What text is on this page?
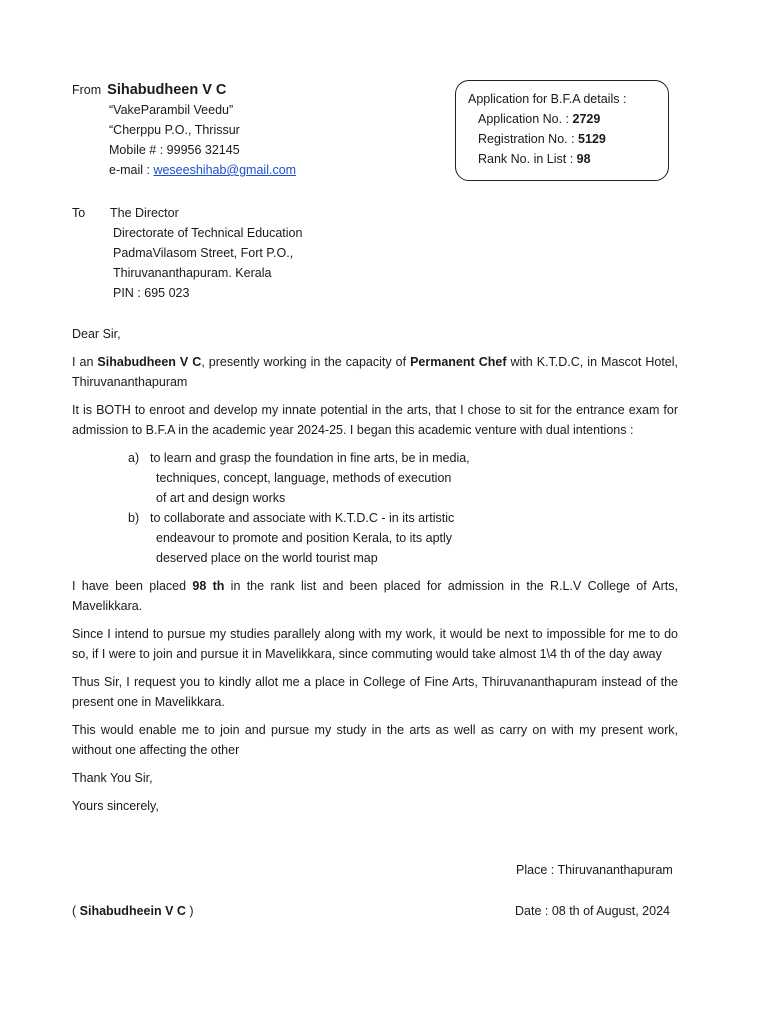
From Sihabudheen V C
“VakeParambil Veedu”
“Cherppu P.O., Thrissur
Mobile # : 99956 32145
e-mail : weseeshihab@gmail.com
Application for B.F.A details :
Application No. : 2729
Registration No. : 5129
Rank No. in List : 98
To The Director
Directorate of Technical Education
PadmaVilasom Street, Fort P.O.,
Thiruvananthapuram. Kerala
PIN : 695 023
Dear Sir,

I an Sihabudheen V C, presently working in the capacity of Permanent Chef with K.T.D.C, in Mascot Hotel, Thiruvananthapuram

It is BOTH to enroot and develop my innate potential in the arts, that I chose to sit for the entrance exam for admission to B.F.A in the academic year 2024-25. I began this academic venture with dual intentions :

a) to learn and grasp the foundation in fine arts, be in media,
techniques, concept, language, methods of execution
of art and design works
b) to collaborate and associate with K.T.D.C - in its artistic
endeavour to promote and position Kerala, to its aptly
deserved place on the world tourist map

I have been placed 98 th in the rank list and been placed for admission in the R.L.V College of Arts, Mavelikkara.

Since I intend to pursue my studies parallely along with my work, it would be next to impossible for me to do so, if I were to join and pursue it in Mavelikkara, since commuting would take almost 1\4 th of the day away

Thus Sir, I request you to kindly allot me a place in College of Fine Arts, Thiruvananthapuram instead of the present one in Mavelikkara.

This would enable me to join and pursue my study in the arts as well as carry on with my present work, without one affecting the other

Thank You Sir,
Yours sincerely,
Place : Thiruvananthapuram
( Sihabudheein V C )	Date : 08 th of August, 2024
